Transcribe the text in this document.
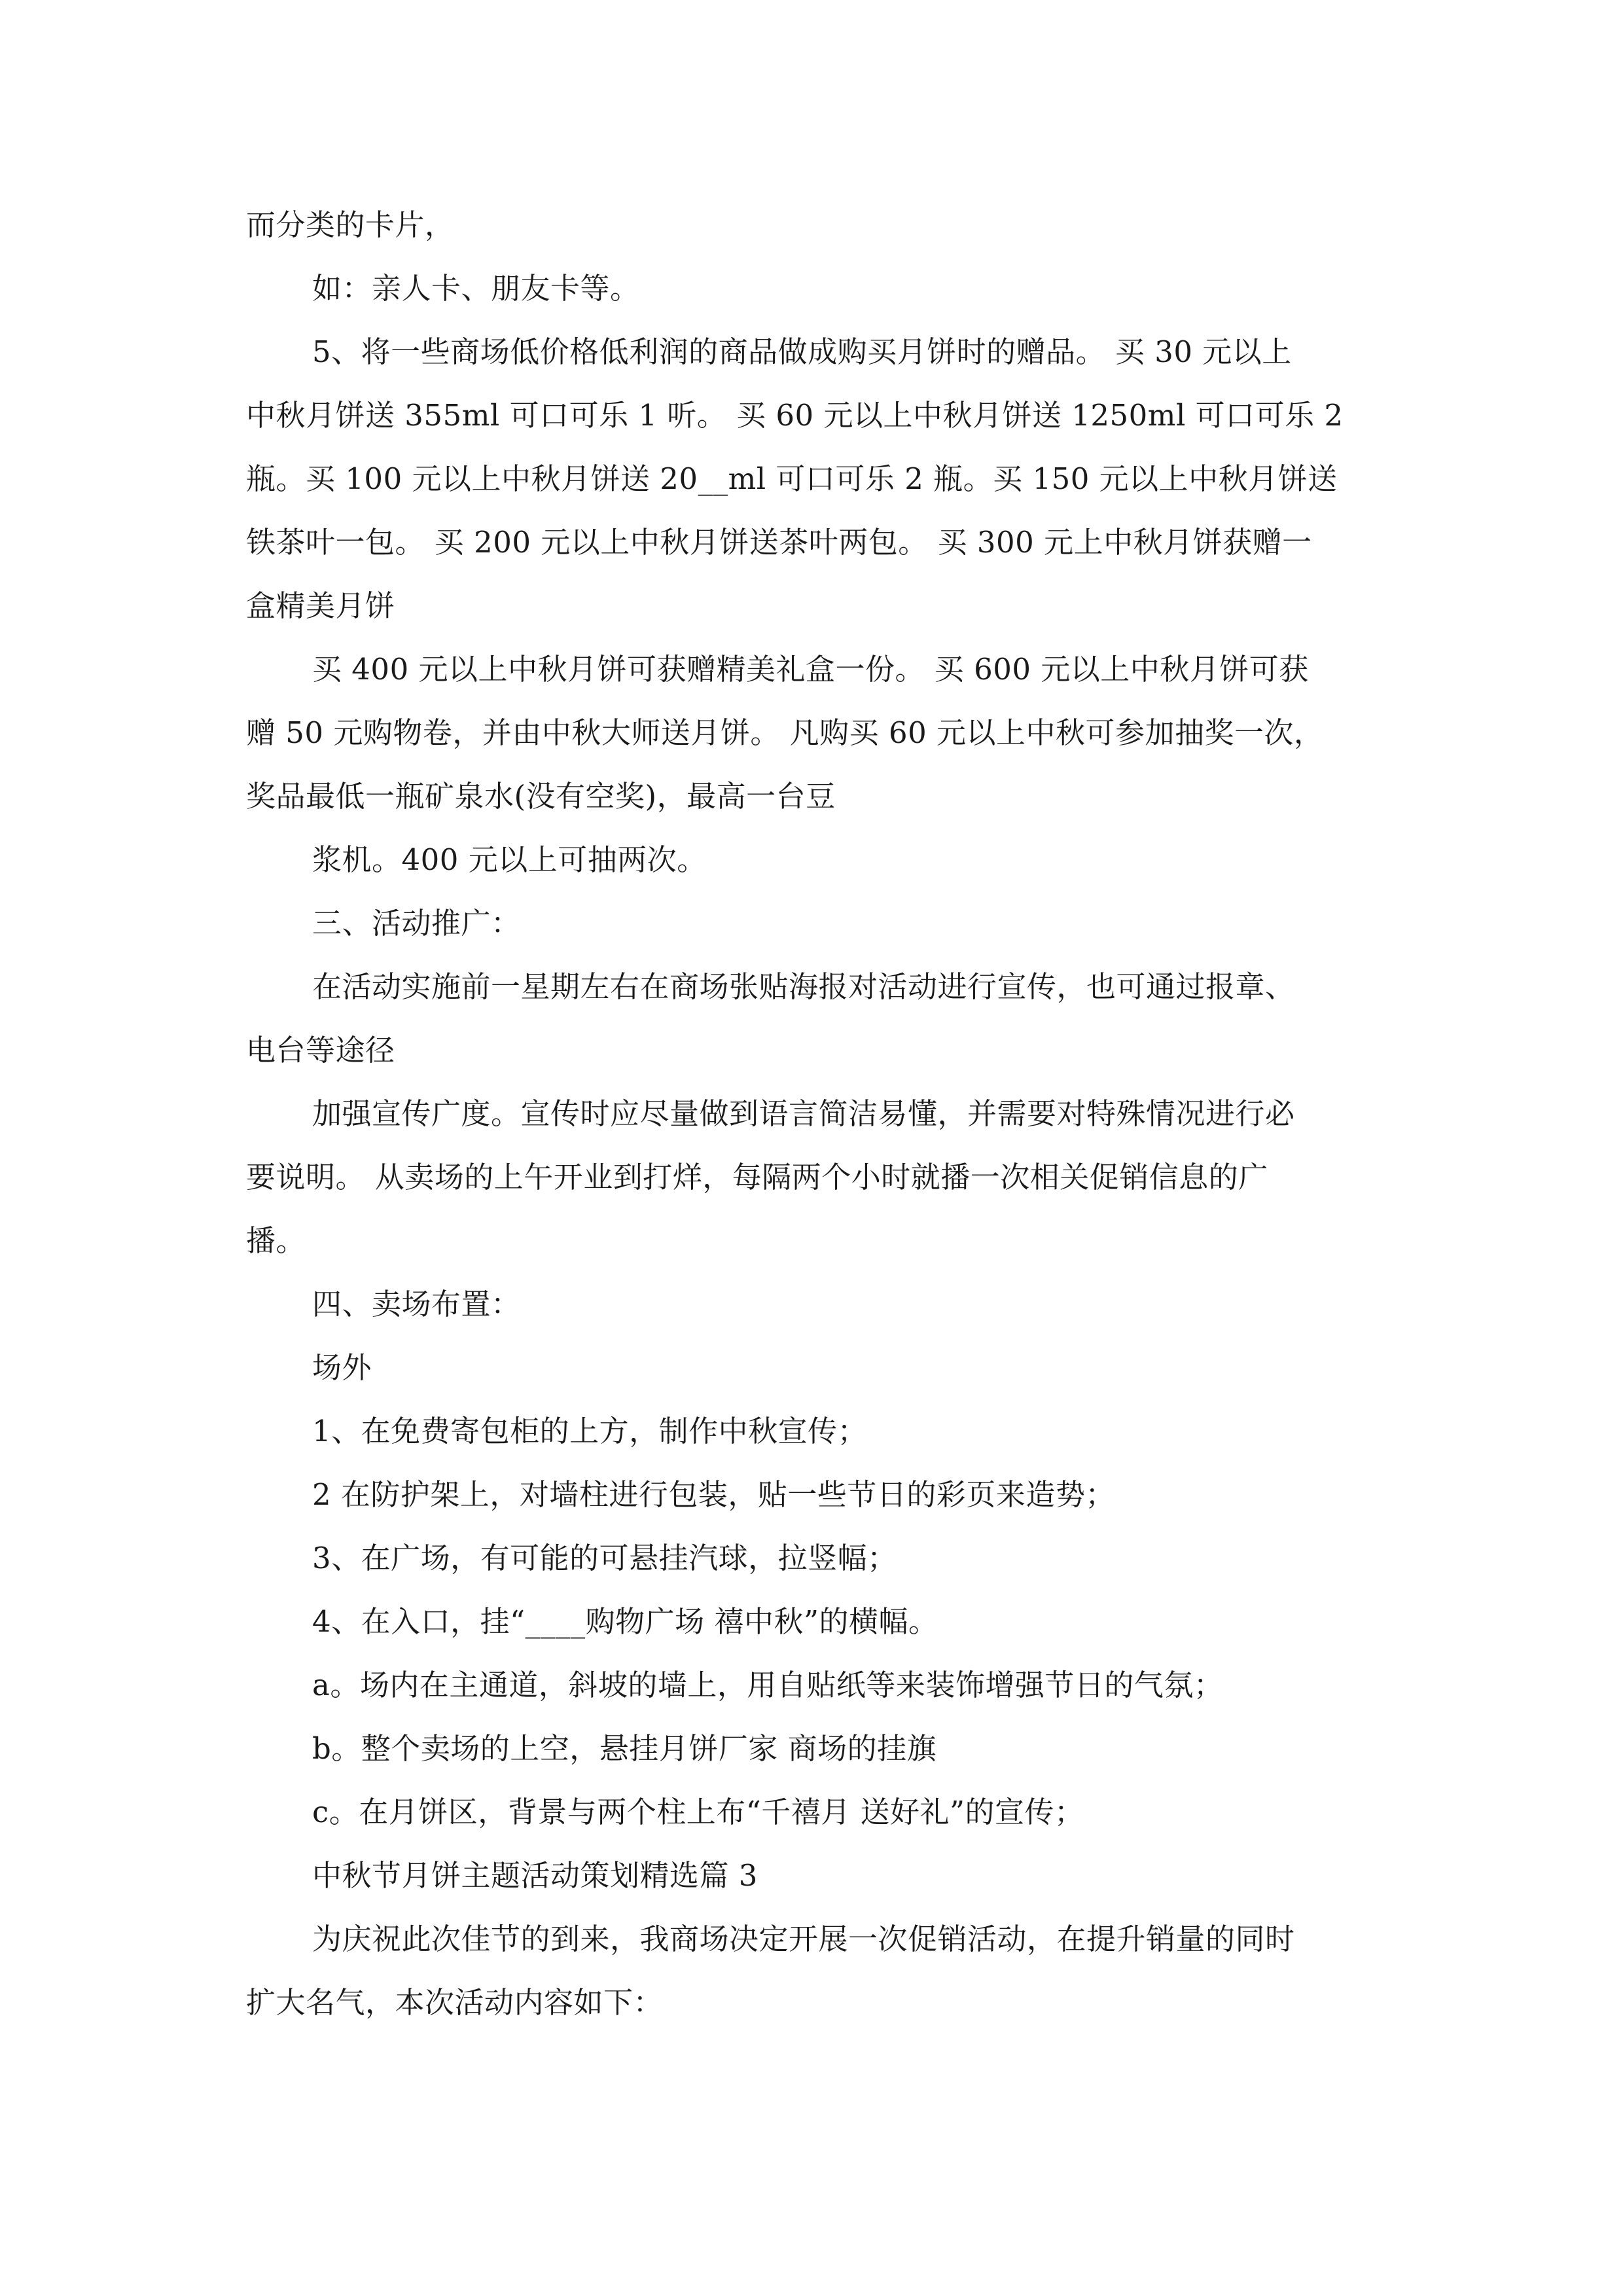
而分类的卡片，

如：亲人卡、朋友卡等。

5、将一些商场低价格低利润的商品做成购买月饼时的赠品。 买 30 元以上

中秋月饼送 355ml 可口可乐 1 听。 买 60 元以上中秋月饼送 1250ml 可口可乐 2

瓶。买 100 元以上中秋月饼送 20__ml 可口可乐 2 瓶。买 150 元以上中秋月饼送

铁茶叶一包。 买 200 元以上中秋月饼送茶叶两包。 买 300 元上中秋月饼获赠一

盒精美月饼

买 400 元以上中秋月饼可获赠精美礼盒一份。 买 600 元以上中秋月饼可获

赠 50 元购物卷，并由中秋大师送月饼。 凡购买 60 元以上中秋可参加抽奖一次，

奖品最低一瓶矿泉水(没有空奖)，最高一台豆

浆机。400 元以上可抽两次。

三、活动推广：

在活动实施前一星期左右在商场张贴海报对活动进行宣传，也可通过报章、

电台等途径

加强宣传广度。宣传时应尽量做到语言简洁易懂，并需要对特殊情况进行必

要说明。 从卖场的上午开业到打烊，每隔两个小时就播一次相关促销信息的广

播。

四、卖场布置：

场外

1、在免费寄包柜的上方，制作中秋宣传；

2 在防护架上，对墙柱进行包装，贴一些节日的彩页来造势；

3、在广场，有可能的可悬挂汽球，拉竖幅；

4、在入口，挂“____购物广场 禧中秋”的横幅。

a。场内在主通道，斜坡的墙上，用自贴纸等来装饰增强节日的气氛；

b。整个卖场的上空，悬挂月饼厂家 商场的挂旗

c。在月饼区，背景与两个柱上布“千禧月 送好礼”的宣传；

中秋节月饼主题活动策划精选篇 3

为庆祝此次佳节的到来，我商场决定开展一次促销活动，在提升销量的同时

扩大名气，本次活动内容如下：
